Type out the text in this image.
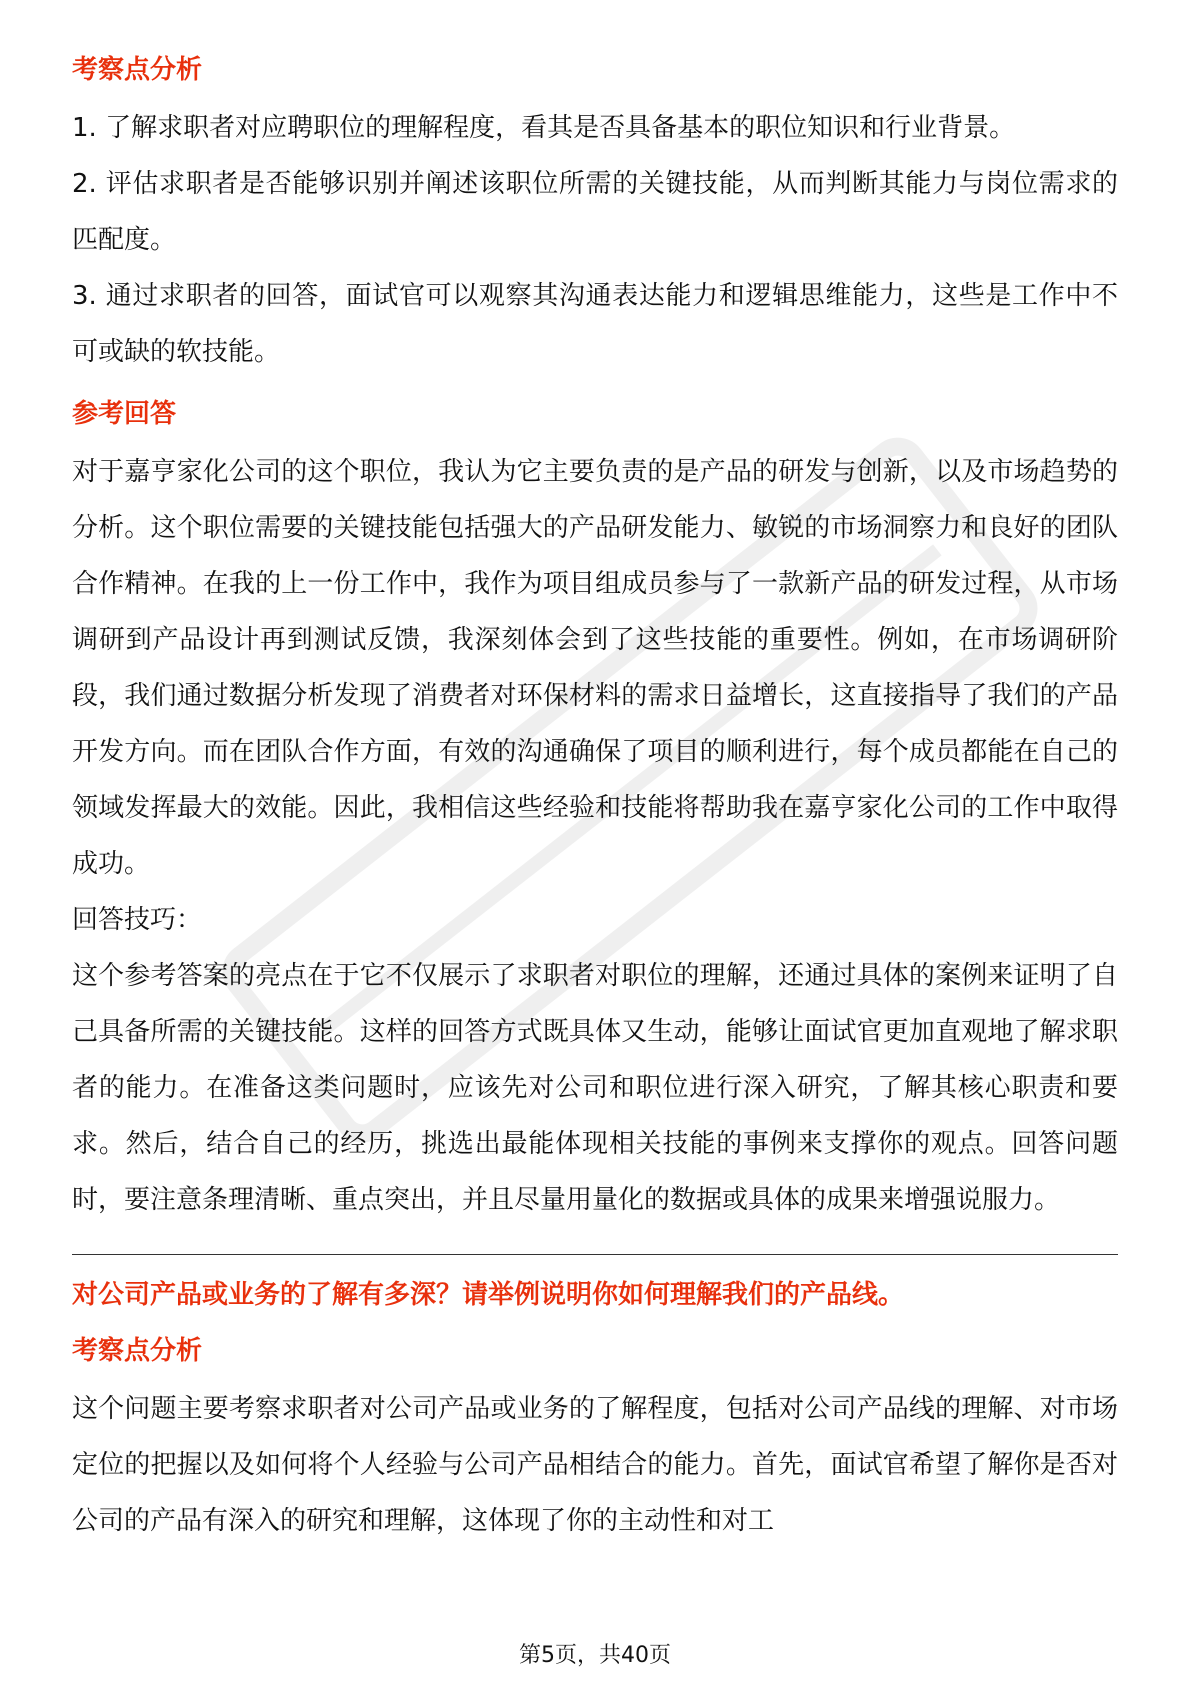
考察点分析

1. 了解求职者对应聘职位的理解程度，看其是否具备基本的职位知识和行业背景。

2. 评估求职者是否能够识别并阐述该职位所需的关键技能，从而判断其能力与岗位需求的匹配度。

3. 通过求职者的回答，面试官可以观察其沟通表达能力和逻辑思维能力，这些是工作中不可或缺的软技能。

参考回答

对于嘉亨家化公司的这个职位，我认为它主要负责的是产品的研发与创新，以及市场趋势的分析。这个职位需要的关键技能包括强大的产品研发能力、敏锐的市场洞察力和良好的团队合作精神。在我的上一份工作中，我作为项目组成员参与了一款新产品的研发过程，从市场调研到产品设计再到测试反馈，我深刻体会到了这些技能的重要性。例如，在市场调研阶段，我们通过数据分析发现了消费者对环保材料的需求日益增长，这直接指导了我们的产品开发方向。而在团队合作方面，有效的沟通确保了项目的顺利进行，每个成员都能在自己的领域发挥最大的效能。因此，我相信这些经验和技能将帮助我在嘉亨家化公司的工作中取得成功。

回答技巧：

这个参考答案的亮点在于它不仅展示了求职者对职位的理解，还通过具体的案例来证明了自己具备所需的关键技能。这样的回答方式既具体又生动，能够让面试官更加直观地了解求职者的能力。在准备这类问题时，应该先对公司和职位进行深入研究，了解其核心职责和要求。然后，结合自己的经历，挑选出最能体现相关技能的事例来支撑你的观点。回答问题时，要注意条理清晰、重点突出，并且尽量用量化的数据或具体的成果来增强说服力。

对公司产品或业务的了解有多深？请举例说明你如何理解我们的产品线。

考察点分析

这个问题主要考察求职者对公司产品或业务的了解程度，包括对公司产品线的理解、对市场定位的把握以及如何将个人经验与公司产品相结合的能力。首先，面试官希望了解你是否对公司的产品有深入的研究和理解，这体现了你的主动性和对工

第5页，共40页
